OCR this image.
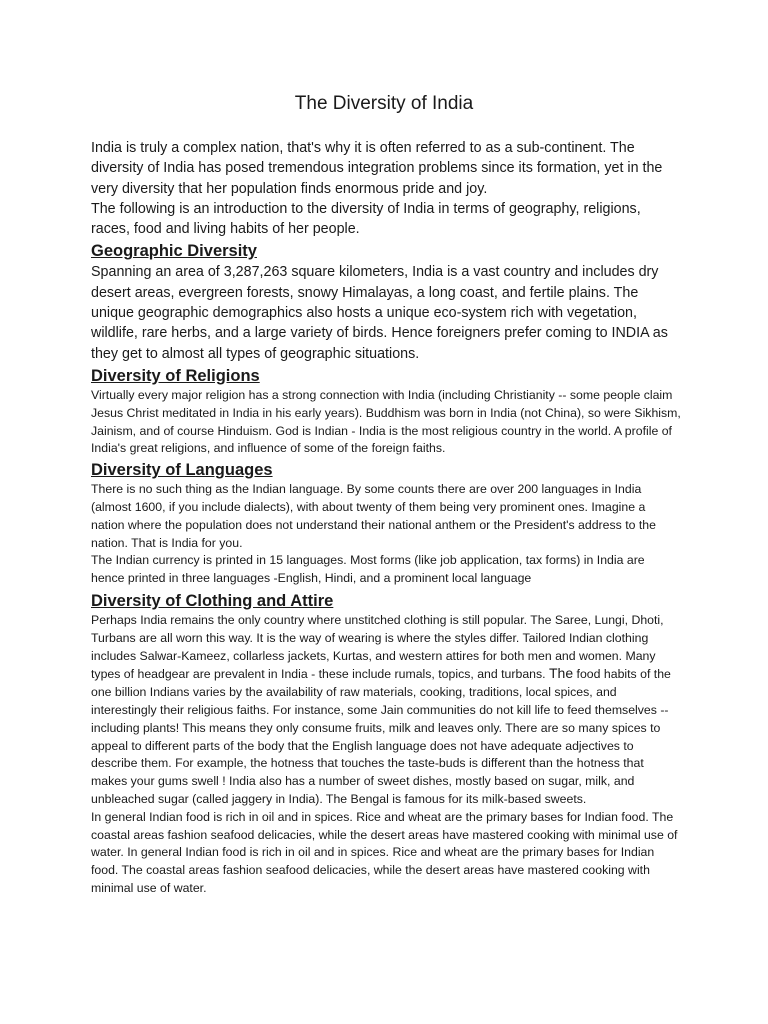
The Diversity of India

India is truly a complex nation, that's why it is often referred to as a sub-continent. The diversity of India has posed tremendous integration problems since its formation, yet in the very diversity that her population finds enormous pride and joy.

The following is an introduction to the diversity of India in terms of geography, religions, races, food and living habits of her people.

Geographic Diversity

Spanning an area of 3,287,263 square kilometers, India is a vast country and includes dry desert areas, evergreen forests, snowy Himalayas, a long coast, and fertile plains. The unique geographic demographics also hosts a unique eco-system rich with vegetation, wildlife, rare herbs, and a large variety of birds. Hence foreigners prefer coming to INDIA as they get to almost all types of geographic situations.

Diversity of Religions

Virtually every major religion has a strong connection with India (including Christianity -- some people claim Jesus Christ meditated in India in his early years). Buddhism was born in India (not China), so were Sikhism, Jainism, and of course Hinduism. God is Indian - India is the most religious country in the world. A profile of India's great religions, and influence of some of the foreign faiths.

Diversity of Languages

There is no such thing as the Indian language. By some counts there are over 200 languages in India (almost 1600, if you include dialects), with about twenty of them being very prominent ones. Imagine a nation where the population does not understand their national anthem or the President's address to the nation. That is India for you.

The Indian currency is printed in 15 languages. Most forms (like job application, tax forms) in India are hence printed in three languages -English, Hindi, and a prominent local language

Diversity of Clothing and Attire

Perhaps India remains the only country where unstitched clothing is still popular. The Saree, Lungi, Dhoti, Turbans are all worn this way. It is the way of wearing is where the styles differ. Tailored Indian clothing includes Salwar-Kameez, collarless jackets, Kurtas, and western attires for both men and women. Many types of headgear are prevalent in India - these include rumals, topics, and turbans. The food habits of the one billion Indians varies by the availability of raw materials, cooking, traditions, local spices, and interestingly their religious faiths. For instance, some Jain communities do not kill life to feed themselves -- including plants! This means they only consume fruits, milk and leaves only. There are so many spices to appeal to different parts of the body that the English language does not have adequate adjectives to describe them. For example, the hotness that touches the taste-buds is different than the hotness that makes your gums swell ! India also has a number of sweet dishes, mostly based on sugar, milk, and unbleached sugar (called jaggery in India). The Bengal is famous for its milk-based sweets.

In general Indian food is rich in oil and in spices. Rice and wheat are the primary bases for Indian food. The coastal areas fashion seafood delicacies, while the desert areas have mastered cooking with minimal use of water. In general Indian food is rich in oil and in spices. Rice and wheat are the primary bases for Indian food. The coastal areas fashion seafood delicacies, while the desert areas have mastered cooking with minimal use of water.
